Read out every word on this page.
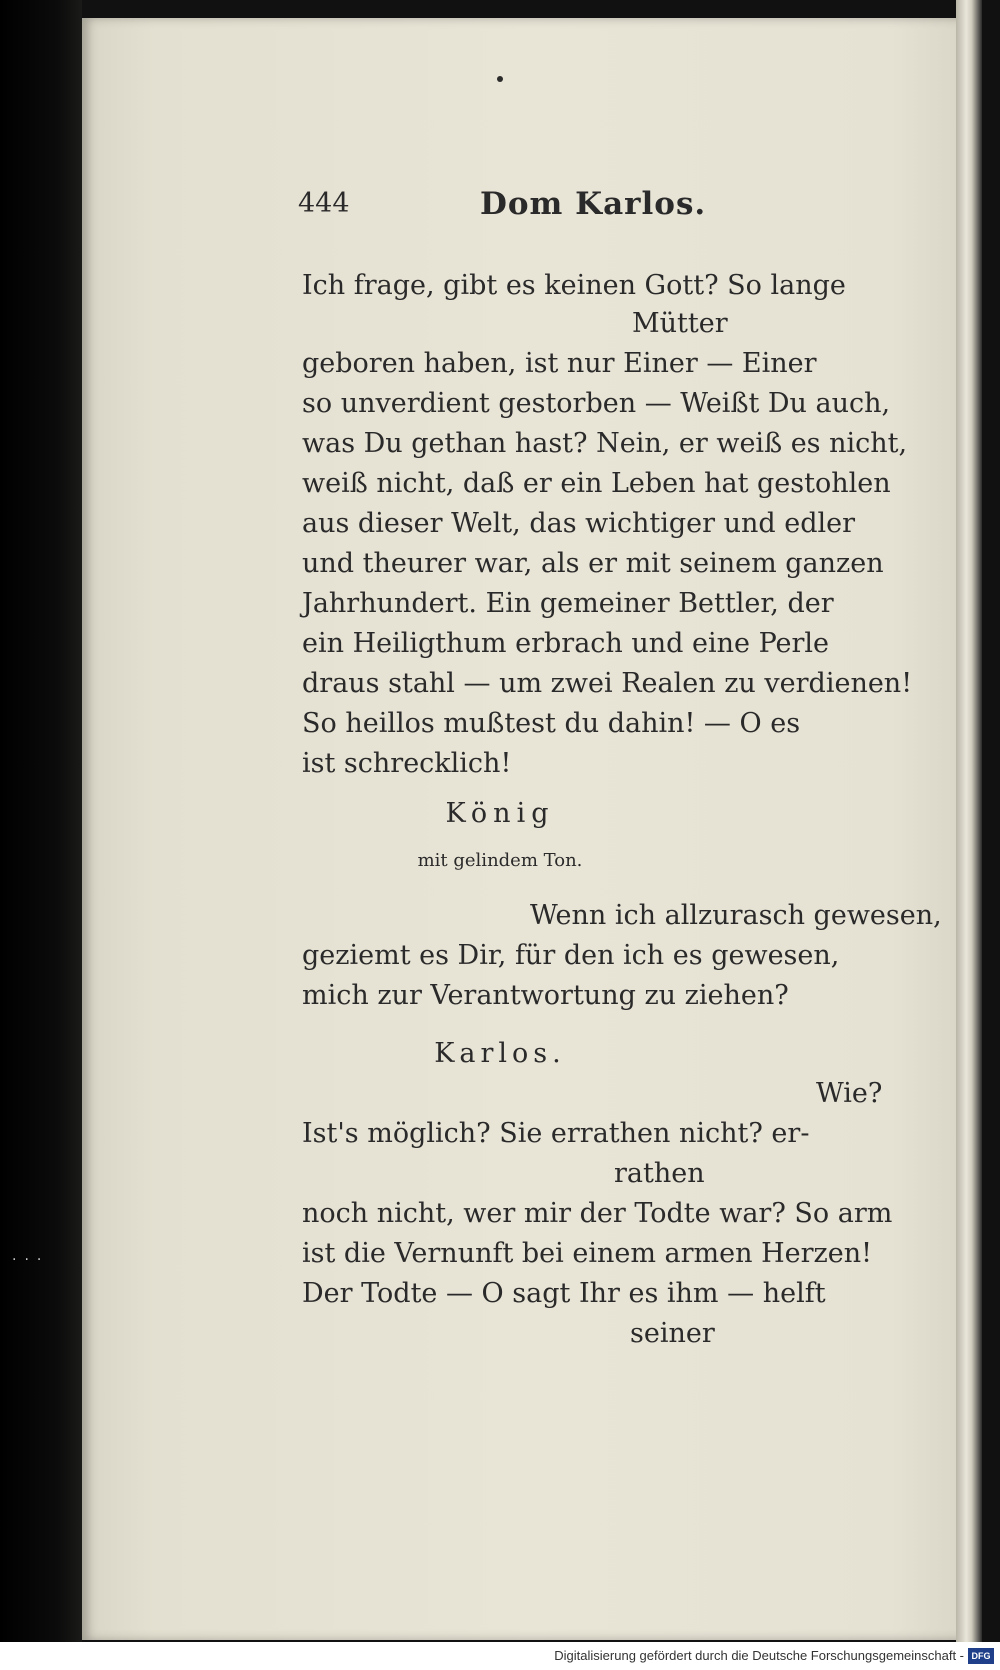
...
444	Dom Karlos.
Ich frage, gibt es keinen Gott? So lange
Mütter
geboren haben, ist nur Einer — Einer
so unverdient gestorben — Weißt Du auch,
was Du gethan hast? Nein, er weiß es nicht,
weiß nicht, daß er ein Leben hat gestohlen
aus dieser Welt, das wichtiger und edler
und theurer war, als er mit seinem ganzen
Jahrhundert. Ein gemeiner Bettler, der
ein Heiligthum erbrach und eine Perle
draus stahl — um zwei Realen zu verdienen!
So heillos mußtest du dahin! — O es
ist schrecklich!
König
mit gelindem Ton.
Wenn ich allzurasch gewesen,
geziemt es Dir, für den ich es gewesen,
mich zur Verantwortung zu ziehen?
Karlos.
Wie?
Ist's möglich? Sie errathen nicht? er-
rathen
noch nicht, wer mir der Todte war? So arm
ist die Vernunft bei einem armen Herzen!
Der Todte — O sagt Ihr es ihm — helft
seiner
Digitalisierung gefördert durch die Deutsche Forschungsgemeinschaft - DFG
